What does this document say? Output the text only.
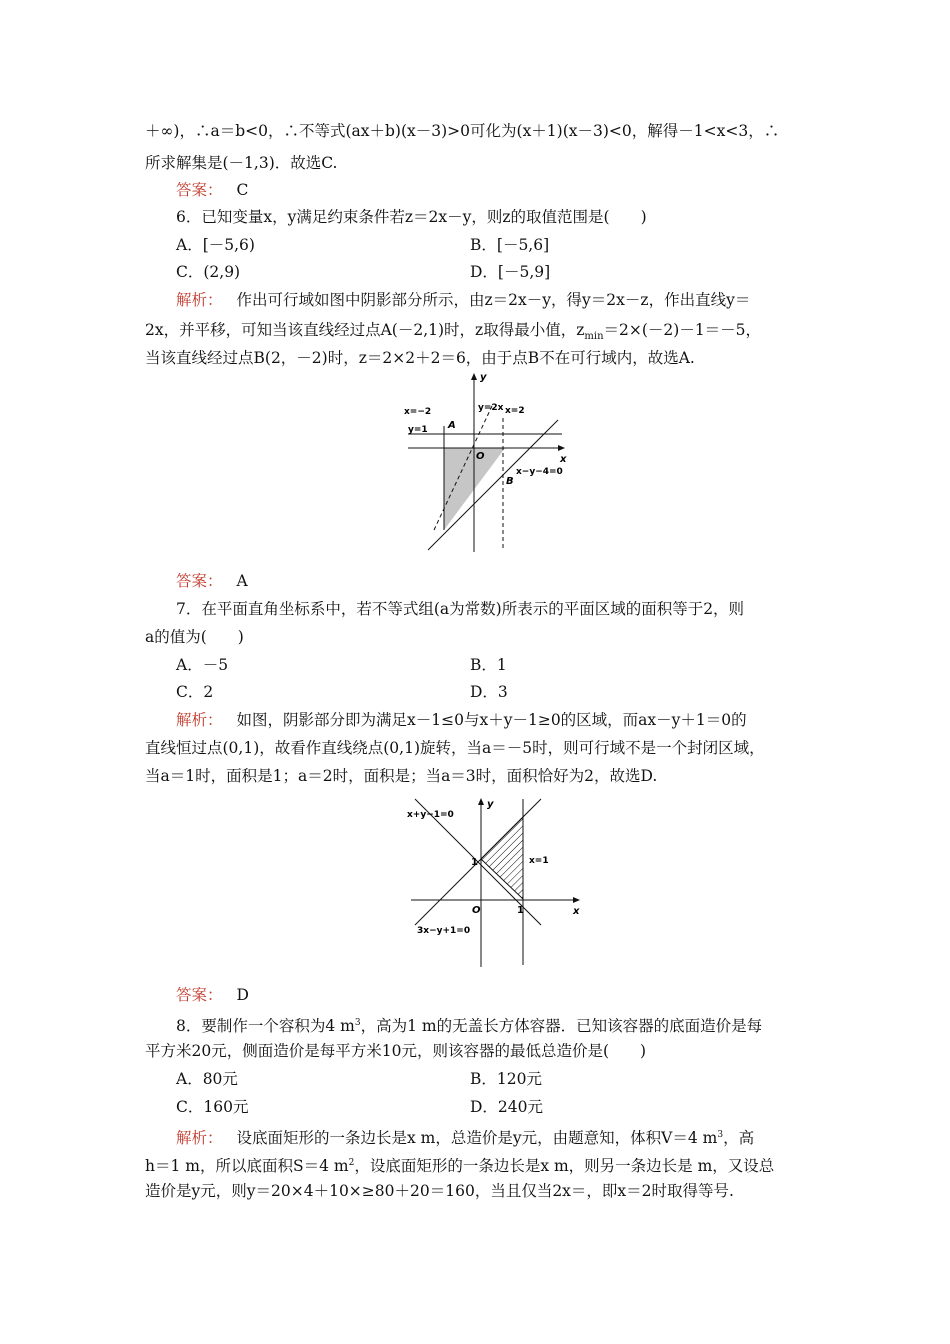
＋∞)，∴a＝b<0，∴不等式(ax＋b)(x－3)>0可化为(x＋1)(x－3)<0，解得－1<x<3，∴
所求解集是(－1,3)．故选C.
答案： C
6．已知变量x，y满足约束条件若z＝2x－y，则z的取值范围是(　　)
A．[－5,6)	B．[－5,6]
C．(2,9)	D．[－5,9]
解析： 作出可行域如图中阴影部分所示，由z＝2x－y，得y＝2x－z，作出直线y＝
2x，并平移，可知当该直线经过点A(－2,1)时，z取得最小值，$z_{min}=2\times(-2)-1=-5$，
当该直线经过点B(2，－2)时，z＝2×2＋2＝6，由于点B不在可行域内，故选A.
y
x
x=−2	y=2x x=2
y=1 A
O
B
x−y−4=0
答案： A
7．在平面直角坐标系中，若不等式组(a为常数)所表示的平面区域的面积等于2，则
a的值为(　　)
A．－5	B．1
C．2	D．3
解析： 如图，阴影部分即为满足x－1≤0与x＋y－1≥0的区域，而ax－y＋1＝0的
直线恒过点(0,1)，故看作直线绕点(0,1)旋转，当a＝－5时，则可行域不是一个封闭区域，
当a＝1时，面积是1；a＝2时，面积是；当a＝3时，面积恰好为2，故选D.
y
x
x+y−1=0
x=1
1
O	1
3x−y+1=0
答案： D
8．要制作一个容积为4 $m^3$，高为1 m的无盖长方体容器．已知该容器的底面造价是每
平方米20元，侧面造价是每平方米10元，则该容器的最低总造价是(　　)
A．80元	B．120元
C．160元	D．240元
解析： 设底面矩形的一条边长是x m，总造价是y元，由题意知，体积V＝4 $m^3$，高
h＝1 m，所以底面积S＝4 $m^2$，设底面矩形的一条边长是x m，则另一条边长是 m，又设总
造价是y元，则y＝20×4＋10×≥80＋20＝160，当且仅当2x＝，即x＝2时取得等号.
